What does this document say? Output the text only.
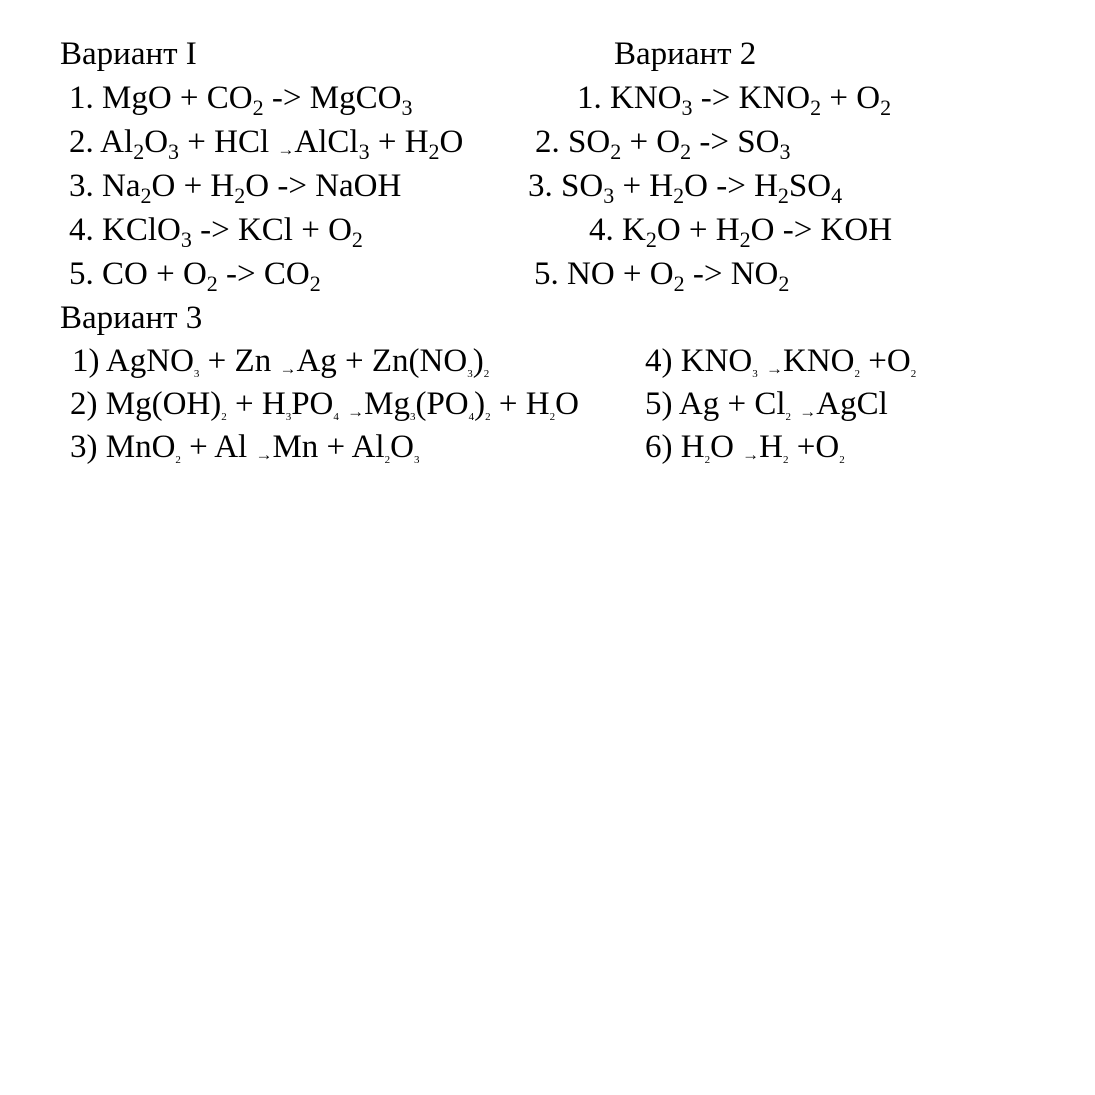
Вариант I	Вариант 2
Вариант 3
1. MgO + $CO_2$ -> MgCO$_3$
2. $Al_2O_3$ + HCl →AlCl$_3$ + $H_2O$
3. $Na_2O + H_2O$ -> NaOH
4. KClO$_3$ -> KCl + $O_2$
5. CO + $O_2 -> CO_2$
1. $KNO_3 -> KNO_2 + O_2$
2. $SO_2 + O_2 -> SO_3$
3. $SO_3 + H_2O -> H_2SO_4$
4. $K_2O + H_2O$ -> KOH
5. NO + $O_2 -> NO_2$
1) AgNO3 + Zn →Ag + Zn(NO3)2
2) Mg(OH)2 + H3PO4 →Mg3(PO4)2 + H2O
3) MnO2 + Al →Mn + Al2O3
4) KNO3 →KNO2 +O2
5) Ag + Cl2 →AgCl
6) H2O →H2 +O2
